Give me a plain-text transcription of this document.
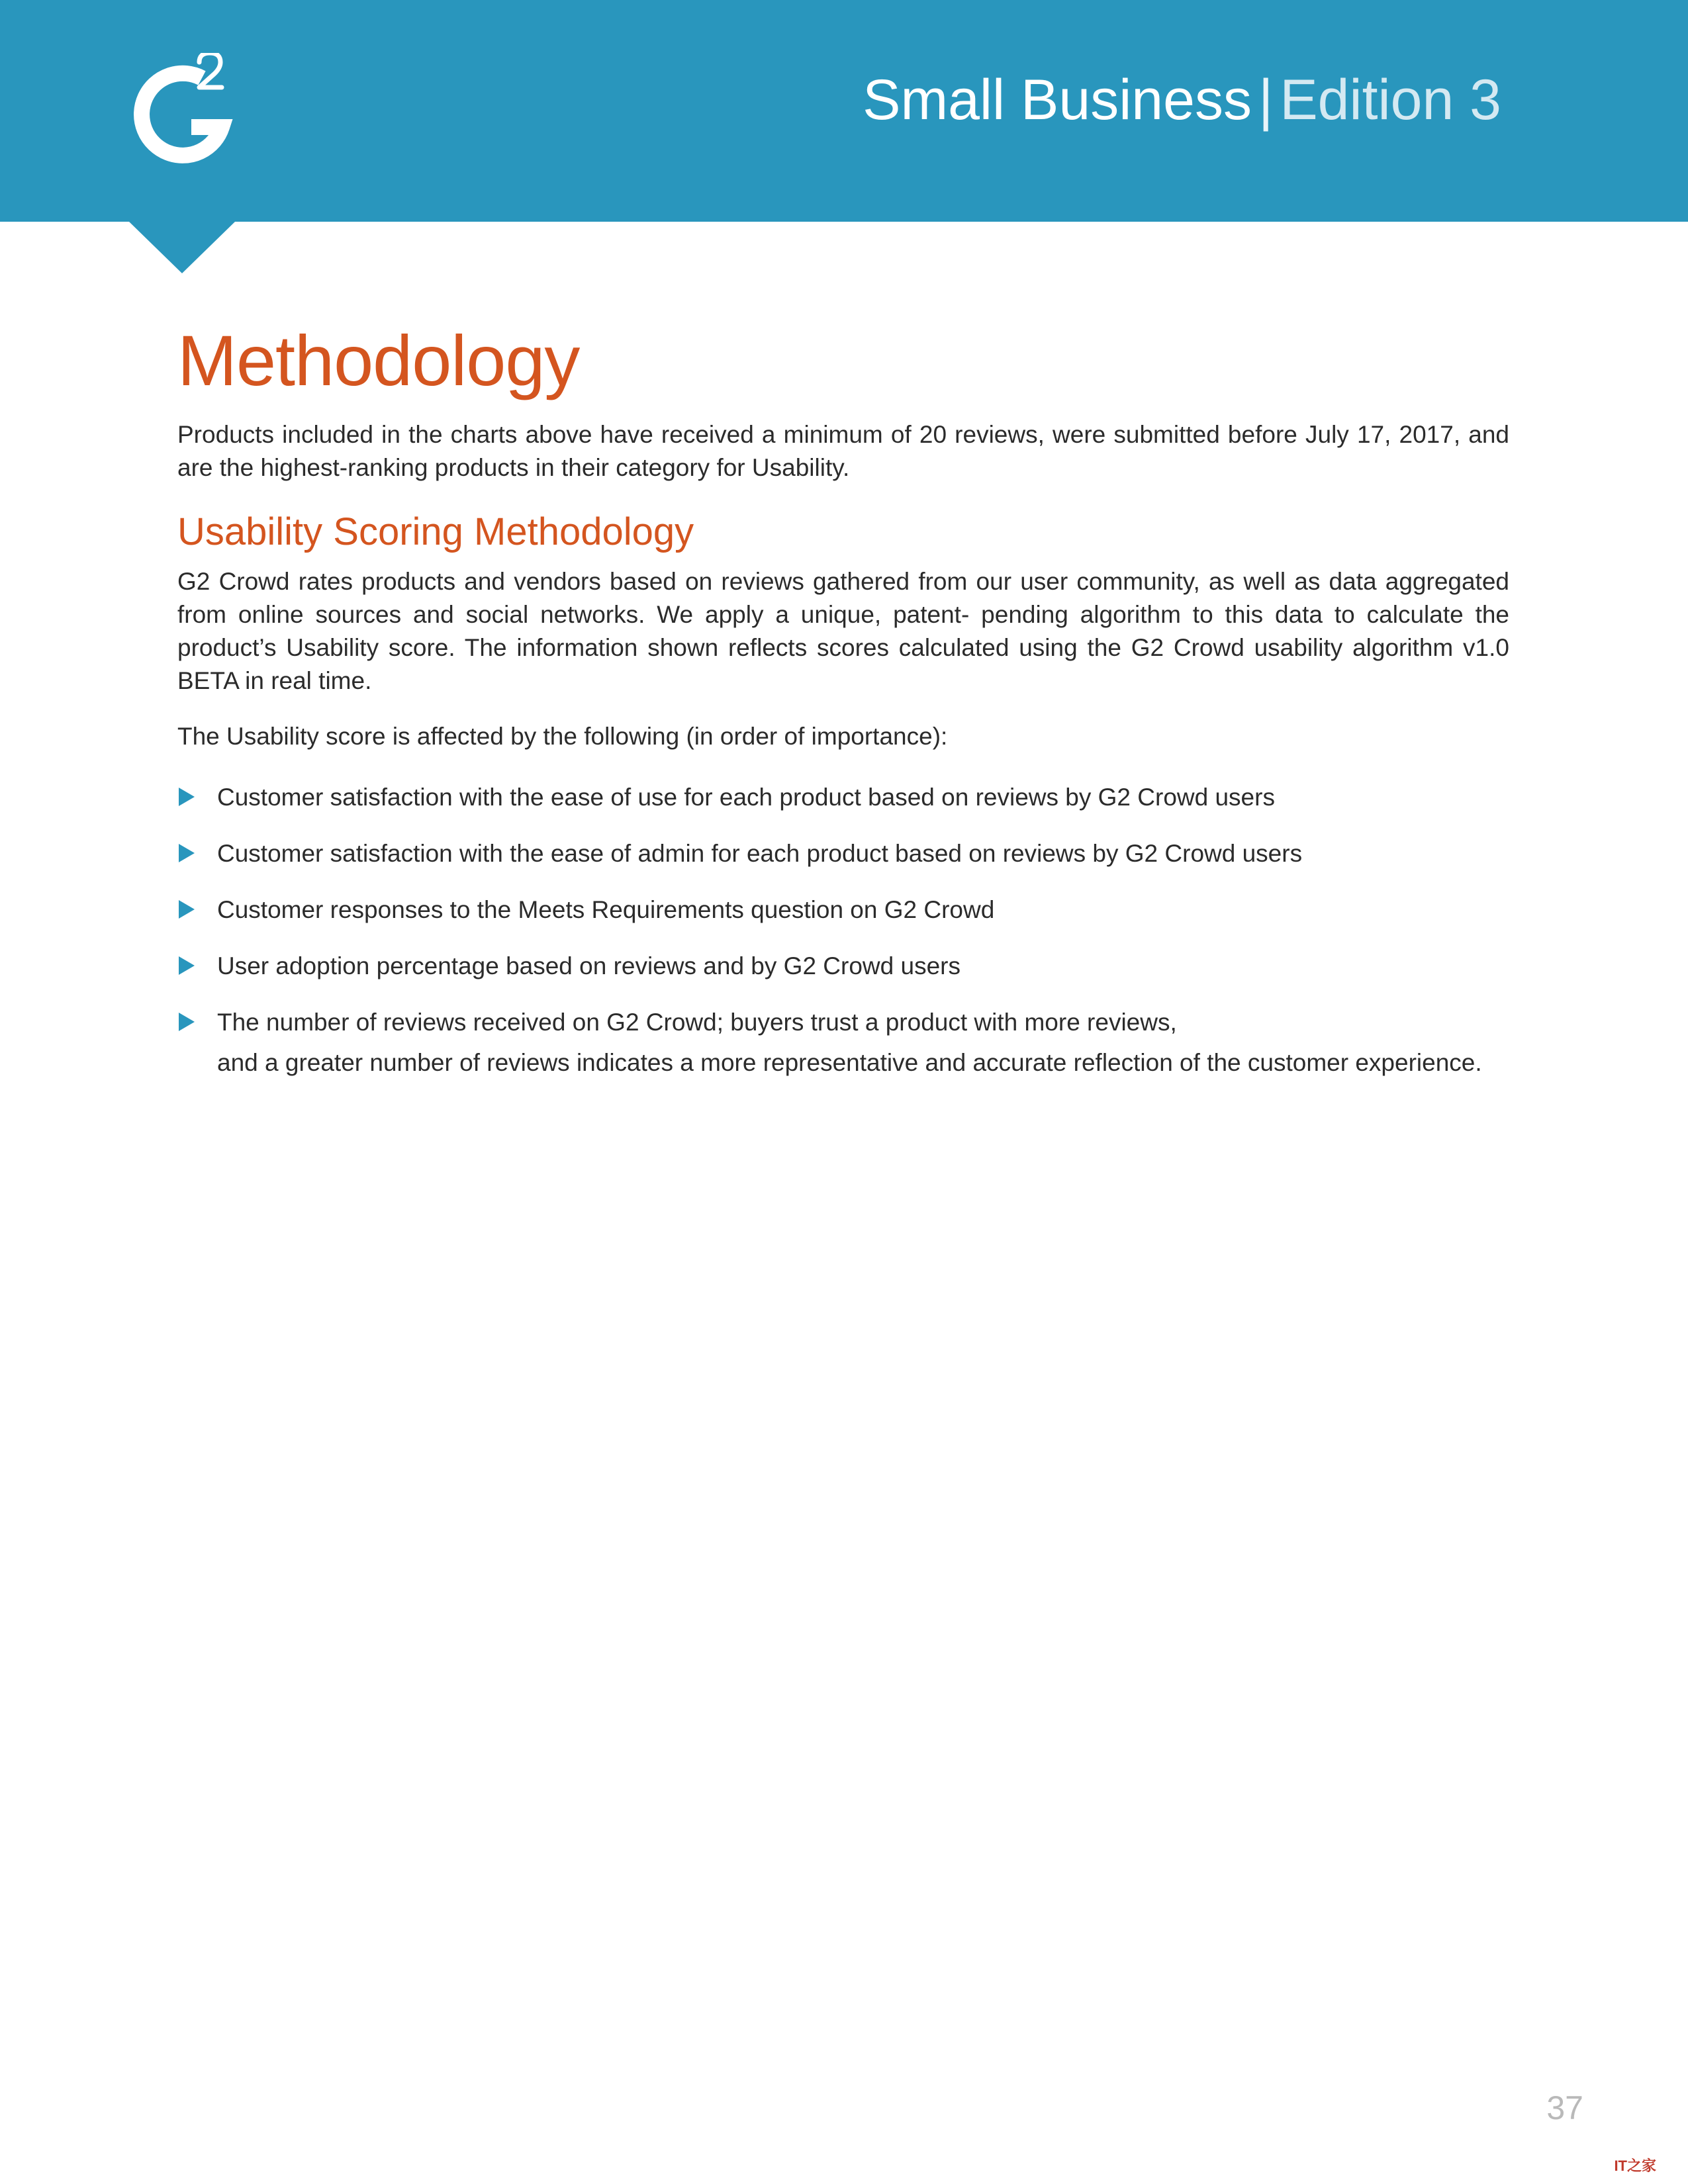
Small Business | Edition 3
Methodology

Products included in the charts above have received a minimum of 20 reviews, were submitted before July 17, 2017, and are the highest-ranking products in their category for Usability.

Usability Scoring Methodology

G2 Crowd rates products and vendors based on reviews gathered from our user community, as well as data aggregated from online sources and social networks. We apply a unique, patent- pending algorithm to this data to calculate the product’s Usability score. The information shown reflects scores calculated using the G2 Crowd usability algorithm v1.0 BETA in real time.

The Usability score is affected by the following (in order of importance):

Customer satisfaction with the ease of use for each product based on reviews by G2 Crowd users
Customer satisfaction with the ease of admin for each product based on reviews by G2 Crowd users
Customer responses to the Meets Requirements question on G2 Crowd
User adoption percentage based on reviews and by G2 Crowd users
The number of reviews received on G2 Crowd; buyers trust a product with more reviews,
and a greater number of reviews indicates a more representative and accurate reflection of the customer experience.
37
IT之家
